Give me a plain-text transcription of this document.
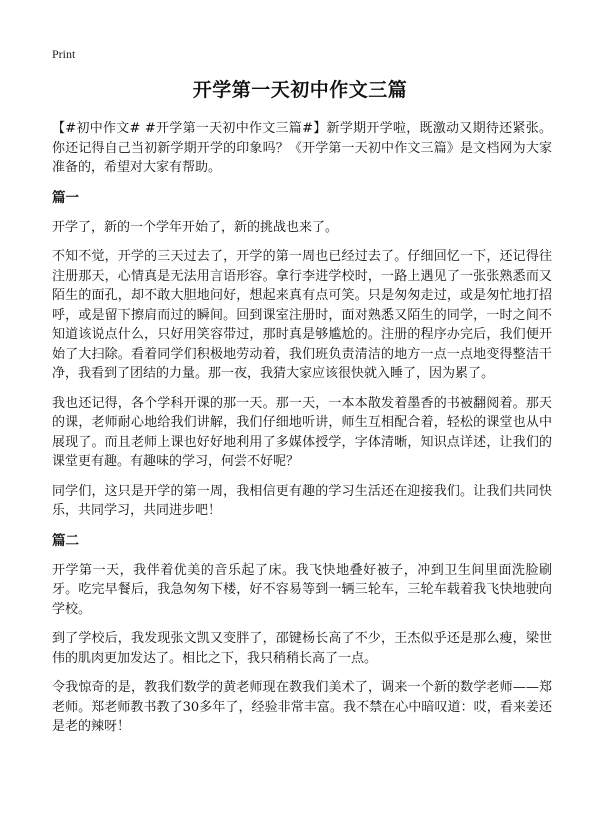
Print
开学第一天初中作文三篇

【#初中作文# #开学第一天初中作文三篇#】新学期开学啦，既激动又期待还紧张。你还记得自己当初新学期开学的印象吗？《开学第一天初中作文三篇》是文档网为大家准备的，希望对大家有帮助。

篇一

开学了，新的一个学年开始了，新的挑战也来了。

不知不觉，开学的三天过去了，开学的第一周也已经过去了。仔细回忆一下，还记得往注册那天，心情真是无法用言语形容。拿行李进学校时，一路上遇见了一张张熟悉而又陌生的面孔，却不敢大胆地问好，想起来真有点可笑。只是匆匆走过，或是匆忙地打招呼，或是留下擦肩而过的瞬间。回到课室注册时，面对熟悉又陌生的同学，一时之间不知道该说点什么，只好用笑容带过，那时真是够尴尬的。注册的程序办完后，我们便开始了大扫除。看着同学们积极地劳动着，我们班负责清洁的地方一点一点地变得整洁干净，我看到了团结的力量。那一夜，我猜大家应该很快就入睡了，因为累了。

我也还记得，各个学科开课的那一天。那一天，一本本散发着墨香的书被翻阅着。那天的课，老师耐心地给我们讲解，我们仔细地听讲，师生互相配合着，轻松的课堂也从中展现了。而且老师上课也好好地利用了多媒体授学，字体清晰，知识点详述，让我们的课堂更有趣。有趣味的学习，何尝不好呢？

同学们，这只是开学的第一周，我相信更有趣的学习生活还在迎接我们。让我们共同快乐，共同学习，共同进步吧！

篇二

开学第一天，我伴着优美的音乐起了床。我飞快地叠好被子，冲到卫生间里面洗脸刷牙。吃完早餐后，我急匆匆下楼，好不容易等到一辆三轮车，三轮车载着我飞快地驶向学校。

到了学校后，我发现张文凯又变胖了，邵键杨长高了不少，王杰似乎还是那么瘦，梁世伟的肌肉更加发达了。相比之下，我只稍稍长高了一点。

令我惊奇的是，教我们数学的黄老师现在教我们美术了，调来一个新的数学老师——郑老师。郑老师教书教了30多年了，经验非常丰富。我不禁在心中暗叹道：哎，看来姜还是老的辣呀！
